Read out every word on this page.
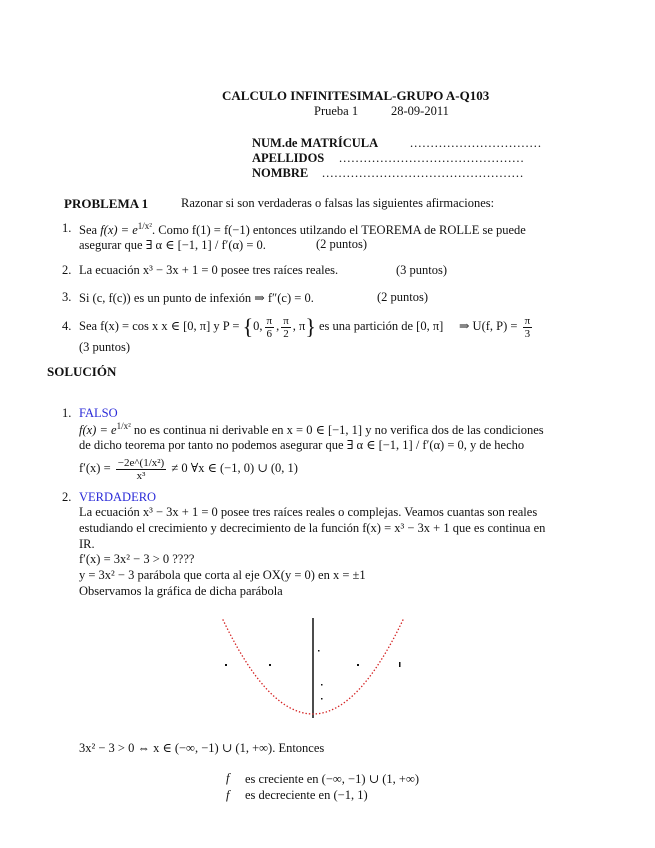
CALCULO INFINITESIMAL-GRUPO A-Q103
Prueba 1	28-09-2011
NUM.de MATRÍCULA	................................
APELLIDOS .............................................
NOMBRE .................................................
PROBLEMA 1	Razonar si son verdaderas o falsas las siguientes afirmaciones:
1. Sea $f(x) = e^{1/x^2}$. Como f(1) = f(−1) entonces utilzando el TEOREMA de ROLLE se puede
asegurar que ∃ α ∈ [−1, 1] / f′(α) = 0.	(2 puntos)
2. La ecuación x³ − 3x + 1 = 0 posee tres raíces reales.	(3 puntos)
3. Si (c, f(c)) es un punto de infexión ⇒ f″(c) = 0.	(2 puntos)
4. Sea f(x) = cos x x ∈ [0, π] y P = {0, $\frac{\pi}{6}$ , $\frac{\pi}{2}$ , π} es una partición de [0, π] ⇒ U(f, $P) = \frac{\pi}{3}$
(3 puntos)
SOLUCIÓN
1. FALSO
$f(x) = e^{1/x^2}$ no es continua ni derivable en x = 0 ∈ [−1, 1] y no verifica dos de las condiciones
de dicho teorema por tanto no podemos asegurar que ∃ α ∈ [−1, 1] / f′(α) = 0, y de hecho
$f'(x) = \frac{\text{−2e\textasciicircum{}(1/x²)}}{\text{x³}} \ne 0$ ∀x ∈ (−1, 0) ∪ (0, 1)
2. VERDADERO
La ecuación x³ − 3x + 1 = 0 posee tres raíces reales o complejas. Veamos cuantas son reales
estudiando el crecimiento y decrecimiento de la función f(x) = x³ − 3x + 1 que es continua en
IR.
f′(x) = 3x² − 3 > 0 ????
y = 3x² − 3 parábola que corta al eje OX(y = 0) en x = ±1
Observamos la gráfica de dicha parábola
3x² − 3 > 0 ⇔ x ∈ (−∞, −1) ∪ (1, +∞). Entonces
f es creciente en (−∞, −1) ∪ (1, +∞)
f es decreciente en (−1, 1)
